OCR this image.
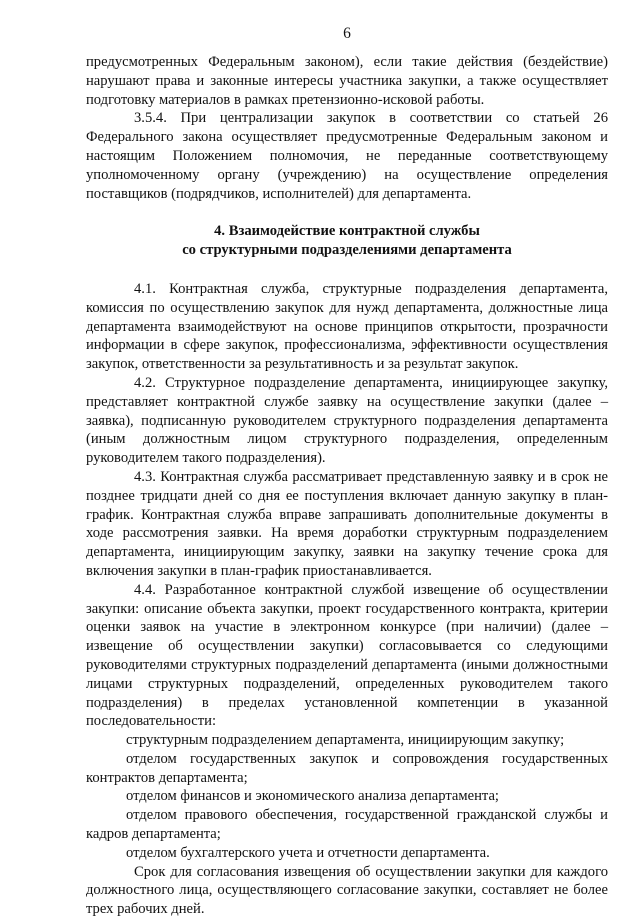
6

предусмотренных Федеральным законом), если такие действия (бездействие) нарушают права и законные интересы участника закупки, а также осуществляет подготовку материалов в рамках претензионно-исковой работы.

3.5.4. При централизации закупок в соответствии со статьей 26 Федерального закона осуществляет предусмотренные Федеральным законом и настоящим Положением полномочия, не переданные соответствующему уполномоченному органу (учреждению) на осуществление определения поставщиков (подрядчиков, исполнителей) для департамента.

4. Взаимодействие контрактной службы
со структурными подразделениями департамента

4.1. Контрактная служба, структурные подразделения департамента, комиссия по осуществлению закупок для нужд департамента, должностные лица департамента взаимодействуют на основе принципов открытости, прозрачности информации в сфере закупок, профессионализма, эффективности осуществления закупок, ответственности за результативность и за результат закупок.

4.2. Структурное подразделение департамента, инициирующее закупку, представляет контрактной службе заявку на осуществление закупки (далее – заявка), подписанную руководителем структурного подразделения департамента (иным должностным лицом структурного подразделения, определенным руководителем такого подразделения).

4.3. Контрактная служба рассматривает представленную заявку и в срок не позднее тридцати дней со дня ее поступления включает данную закупку в план-график. Контрактная служба вправе запрашивать дополнительные документы в ходе рассмотрения заявки. На время доработки структурным подразделением департамента, инициирующим закупку, заявки на закупку течение срока для включения закупки в план-график приостанавливается.

4.4. Разработанное контрактной службой извещение об осуществлении закупки: описание объекта закупки, проект государственного контракта, критерии оценки заявок на участие в электронном конкурсе (при наличии) (далее – извещение об осуществлении закупки) согласовывается со следующими руководителями структурных подразделений департамента (иными должностными лицами структурных подразделений, определенных руководителем такого подразделения) в пределах установленной компетенции в указанной последовательности:

структурным подразделением департамента, инициирующим закупку;

отделом государственных закупок и сопровождения государственных контрактов департамента;

отделом финансов и экономического анализа департамента;

отделом правового обеспечения, государственной гражданской службы и кадров департамента;

отделом бухгалтерского учета и отчетности департамента.

Срок для согласования извещения об осуществлении закупки для каждого должностного лица, осуществляющего согласование закупки, составляет не более трех рабочих дней.
